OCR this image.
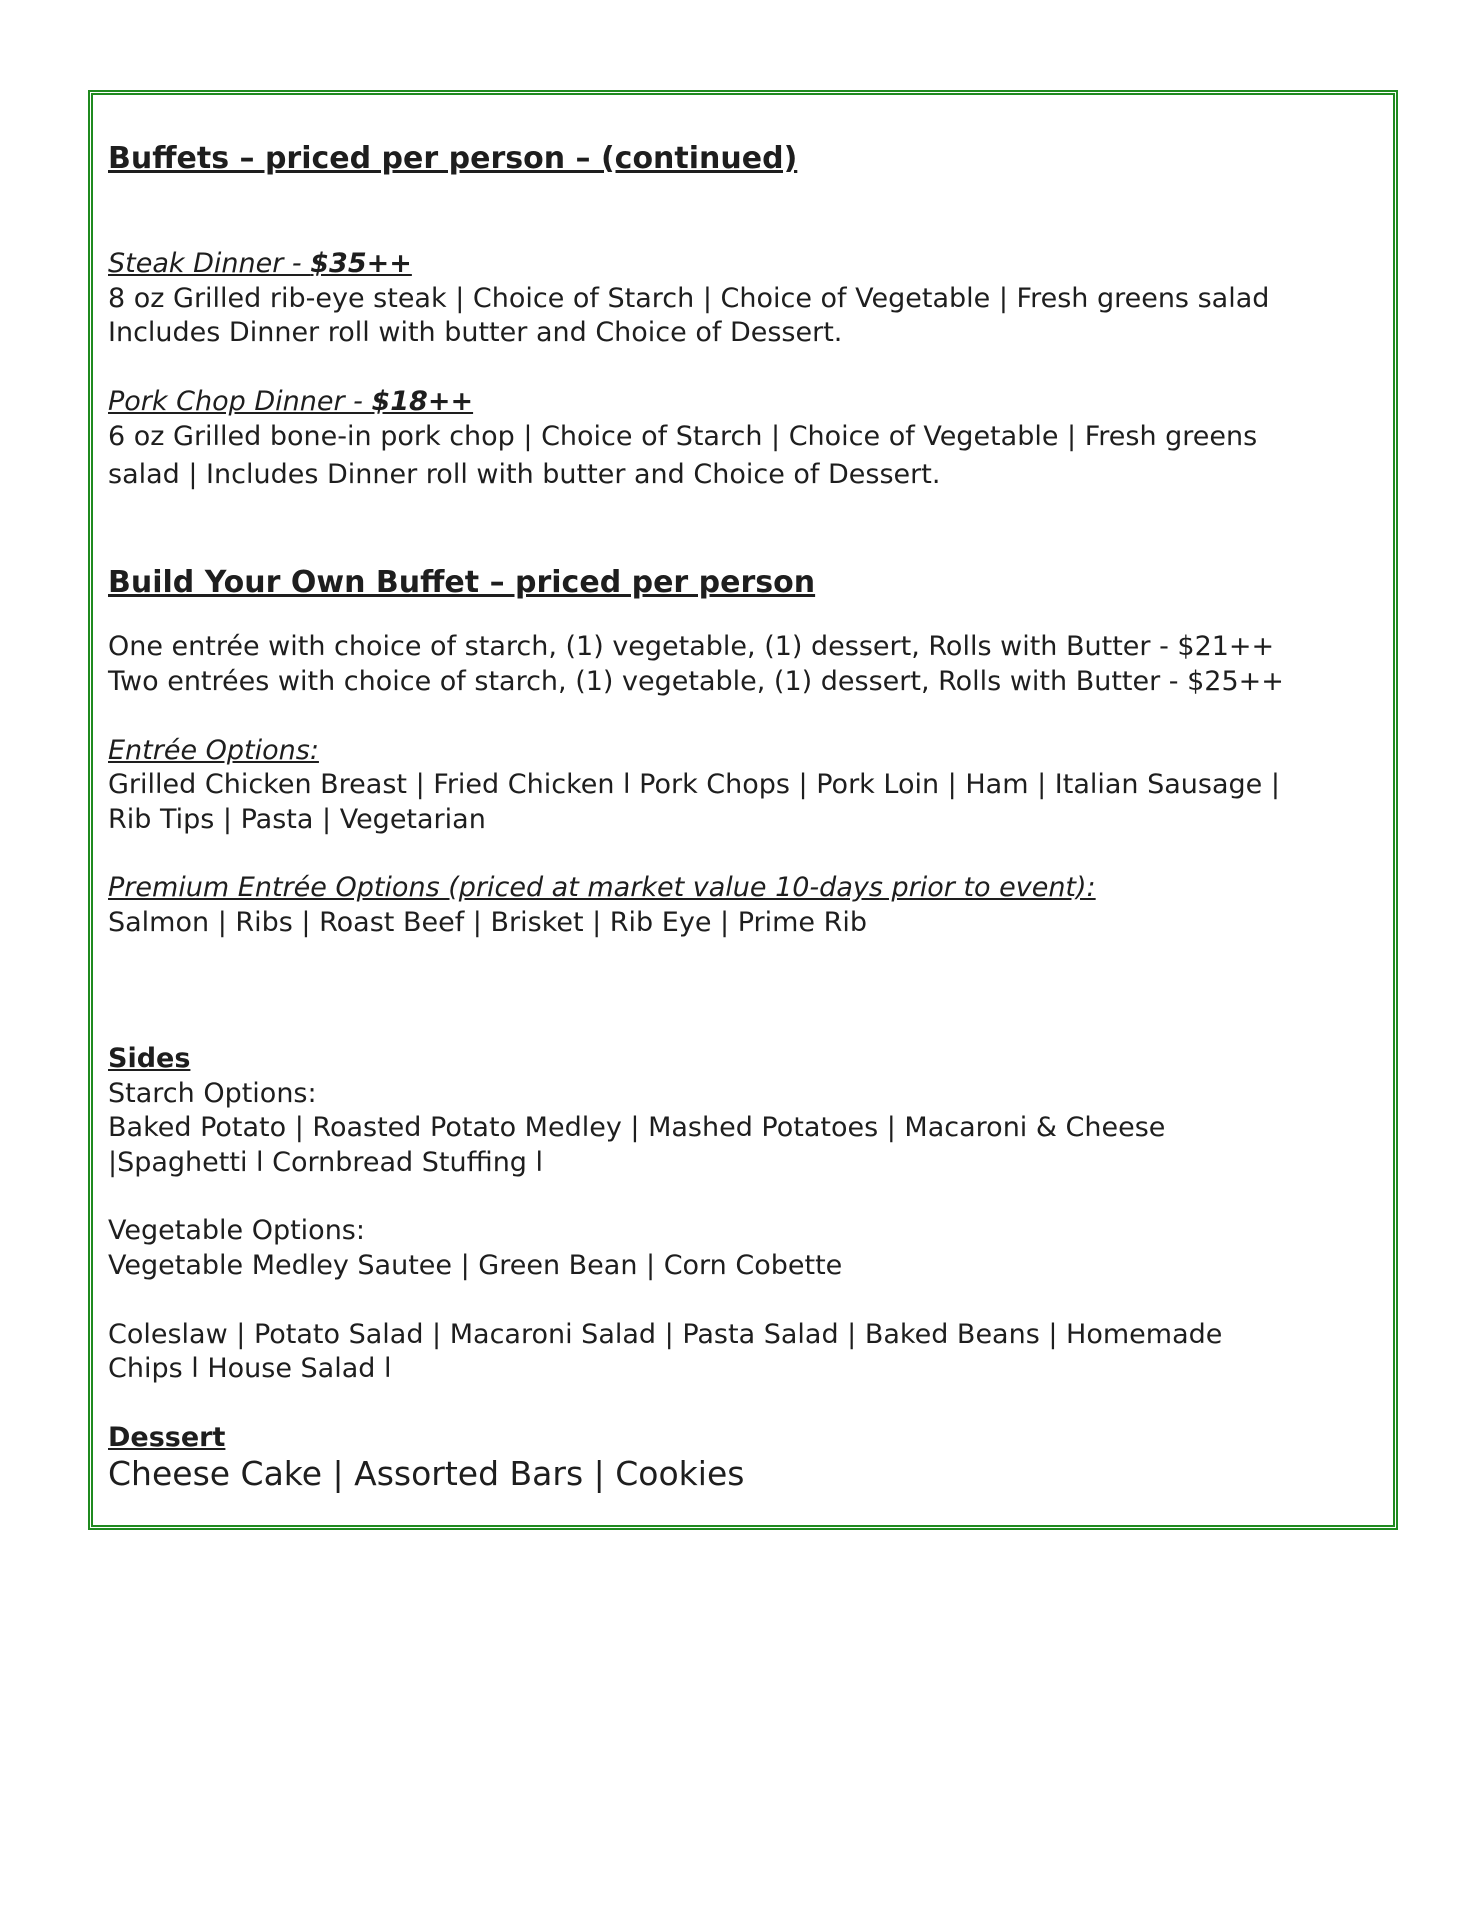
Buffets – priced per person – (continued)
Steak Dinner - $35++
8 oz Grilled rib-eye steak | Choice of Starch | Choice of Vegetable | Fresh greens salad
Includes Dinner roll with butter and Choice of Dessert.
Pork Chop Dinner - $18++
6 oz Grilled bone-in pork chop | Choice of Starch | Choice of Vegetable | Fresh greens
salad | Includes Dinner roll with butter and Choice of Dessert.
Build Your Own Buffet – priced per person
One entrée with choice of starch, (1) vegetable, (1) dessert, Rolls with Butter - $21++
Two entrées with choice of starch, (1) vegetable, (1) dessert, Rolls with Butter - $25++
Entrée Options:
Grilled Chicken Breast | Fried Chicken l Pork Chops | Pork Loin | Ham | Italian Sausage |
Rib Tips | Pasta | Vegetarian
Premium Entrée Options (priced at market value 10-days prior to event):
Salmon | Ribs | Roast Beef | Brisket | Rib Eye | Prime Rib
Sides
Starch Options:
Baked Potato | Roasted Potato Medley | Mashed Potatoes | Macaroni & Cheese
|Spaghetti l Cornbread Stuffing l
Vegetable Options:
Vegetable Medley Sautee | Green Bean | Corn Cobette
Coleslaw | Potato Salad | Macaroni Salad | Pasta Salad | Baked Beans | Homemade
Chips l House Salad l
Dessert
Cheese Cake | Assorted Bars | Cookies
